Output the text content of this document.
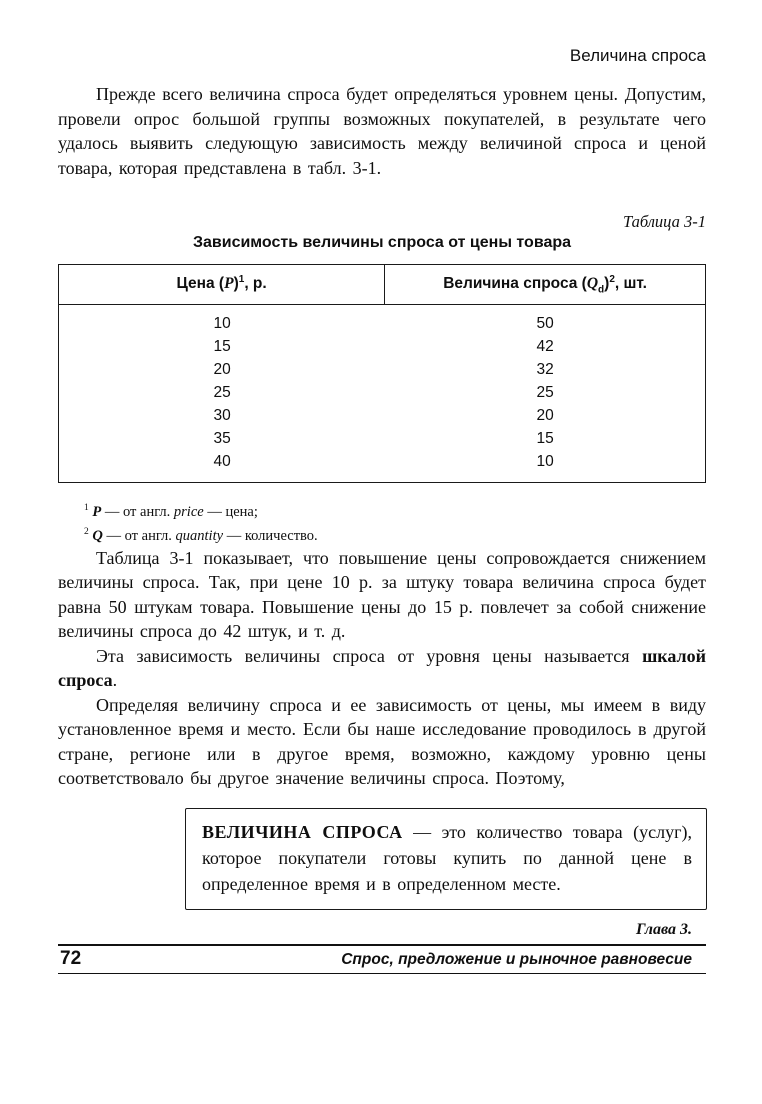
Величина спроса

Прежде всего величина спроса будет определяться уровнем цены. Допустим, провели опрос большой группы возможных покупателей, в результате чего удалось выявить следующую зависимость между величиной спроса и ценой товара, которая представлена в табл. 3-1.

Таблица 3-1
Зависимость величины спроса от цены товара
Цена $(P)^1$, р.	Величина спроса $(Q_d)^2$, шт.
10	50
15	42
20	32
25	25
30	20
35	15
40	10
$^1$ P — от англ. price — цена;
$^2$ Q — от англ. quantity — количество.

Таблица 3-1 показывает, что повышение цены сопровождается снижением величины спроса. Так, при цене 10 р. за штуку товара величина спроса будет равна 50 штукам товара. Повышение цены до 15 р. повлечет за собой снижение величины спроса до 42 штук, и т. д.

Эта зависимость величины спроса от уровня цены называется шкалой спроса.

Определяя величину спроса и ее зависимость от цены, мы имеем в виду установленное время и место. Если бы наше исследование проводилось в другой стране, регионе или в другое время, возможно, каждому уровню цены соответствовало бы другое значение величины спроса. Поэтому,

ВЕЛИЧИНА СПРОСА — это количество товара (услуг), которое покупатели готовы купить по данной цене в определенное время и в определенном месте.
Глава 3.
72	Спрос, предложение и рыночное равновесие
